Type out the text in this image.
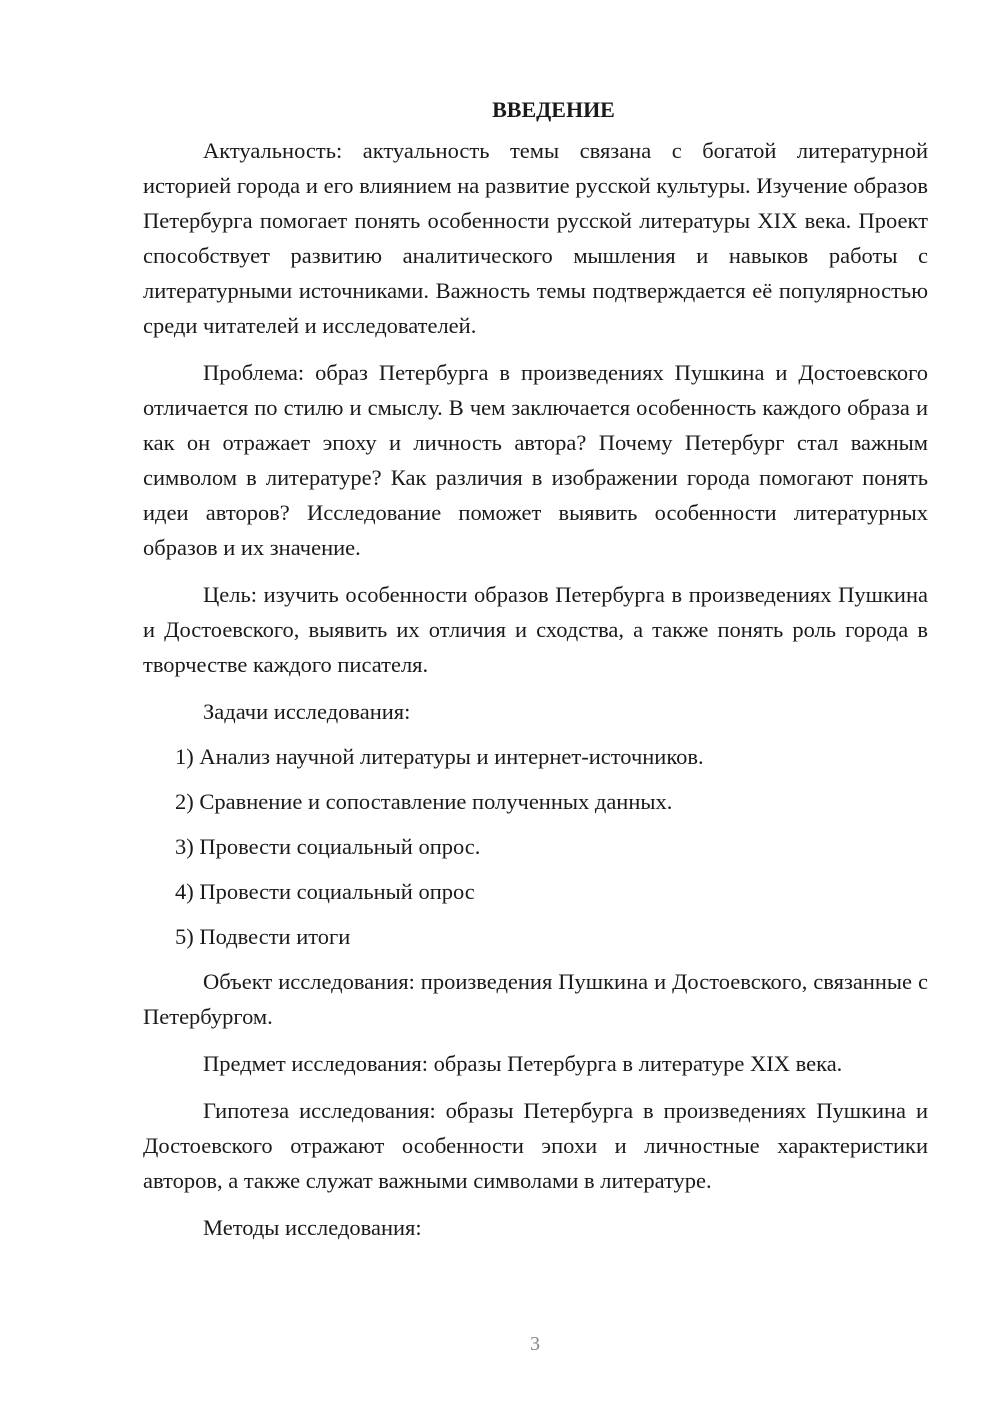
ВВЕДЕНИЕ

Актуальность: актуальность темы связана с богатой литературной историей города и его влиянием на развитие русской культуры. Изучение образов Петербурга помогает понять особенности русской литературы XIX века. Проект способствует развитию аналитического мышления и навыков работы с литературными источниками. Важность темы подтверждается её популярностью среди читателей и исследователей.

Проблема: образ Петербурга в произведениях Пушкина и Достоевского отличается по стилю и смыслу. В чем заключается особенность каждого образа и как он отражает эпоху и личность автора? Почему Петербург стал важным символом в литературе? Как различия в изображении города помогают понять идеи авторов? Исследование поможет выявить особенности литературных образов и их значение.

Цель: изучить особенности образов Петербурга в произведениях Пушкина и Достоевского, выявить их отличия и сходства, а также понять роль города в творчестве каждого писателя.

Задачи исследования:

1) Анализ научной литературы и интернет-источников.

2) Сравнение и сопоставление полученных данных.

3) Провести социальный опрос.

4) Провести социальный опрос

5) Подвести итоги

Объект исследования: произведения Пушкина и Достоевского, связанные с Петербургом.

Предмет исследования: образы Петербурга в литературе XIX века.

Гипотеза исследования: образы Петербурга в произведениях Пушкина и Достоевского отражают особенности эпохи и личностные характеристики авторов, а также служат важными символами в литературе.

Методы исследования:

3
